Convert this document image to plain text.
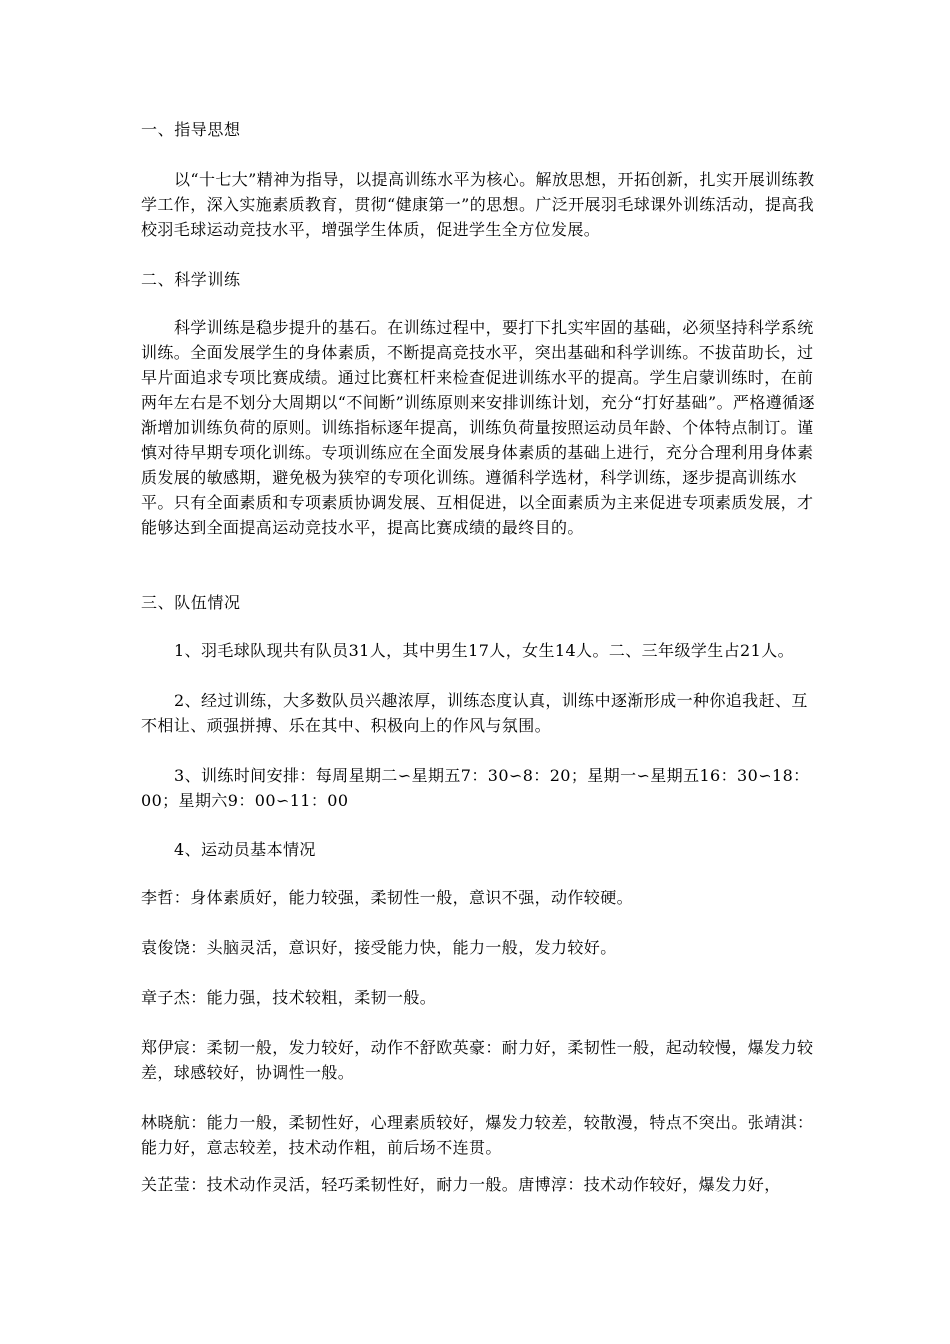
一、指导思想

以“十七大”精神为指导，以提高训练水平为核心。解放思想，开拓创新，扎实开展训练教学工作，深入实施素质教育，贯彻“健康第一”的思想。广泛开展羽毛球课外训练活动，提高我校羽毛球运动竞技水平，增强学生体质，促进学生全方位发展。

二、科学训练

科学训练是稳步提升的基石。在训练过程中，要打下扎实牢固的基础，必须坚持科学系统训练。全面发展学生的身体素质，不断提高竞技水平，突出基础和科学训练。不拔苗助长，过早片面追求专项比赛成绩。通过比赛杠杆来检查促进训练水平的提高。学生启蒙训练时，在前两年左右是不划分大周期以“不间断”训练原则来安排训练计划，充分“打好基础”。严格遵循逐渐增加训练负荷的原则。训练指标逐年提高，训练负荷量按照运动员年龄、个体特点制订。谨慎对待早期专项化训练。专项训练应在全面发展身体素质的基础上进行，充分合理利用身体素质发展的敏感期，避免极为狭窄的专项化训练。遵循科学选材，科学训练，逐步提高训练水平。只有全面素质和专项素质协调发展、互相促进，以全面素质为主来促进专项素质发展，才能够达到全面提高运动竞技水平，提高比赛成绩的最终目的。

三、队伍情况

1、羽毛球队现共有队员31人，其中男生17人，女生14人。二、三年级学生占21人。

2、经过训练，大多数队员兴趣浓厚，训练态度认真，训练中逐渐形成一种你追我赶、互不相让、顽强拼搏、乐在其中、积极向上的作风与氛围。

3、训练时间安排：每周星期二∽星期五7：30∽8：20；星期一∽星期五16：30∽18：00；星期六9：00∽11：00

4、运动员基本情况

李哲：身体素质好，能力较强，柔韧性一般，意识不强，动作较硬。

袁俊饶：头脑灵活，意识好，接受能力快，能力一般，发力较好。

章子杰：能力强，技术较粗，柔韧一般。

郑伊宸：柔韧一般，发力较好，动作不舒欧英豪：耐力好，柔韧性一般，起动较慢，爆发力较差，球感较好，协调性一般。

林晓航：能力一般，柔韧性好，心理素质较好，爆发力较差，较散漫，特点不突出。张靖淇：能力好，意志较差，技术动作粗，前后场不连贯。

关芷莹：技术动作灵活，轻巧柔韧性好，耐力一般。唐博淳：技术动作较好，爆发力好，
